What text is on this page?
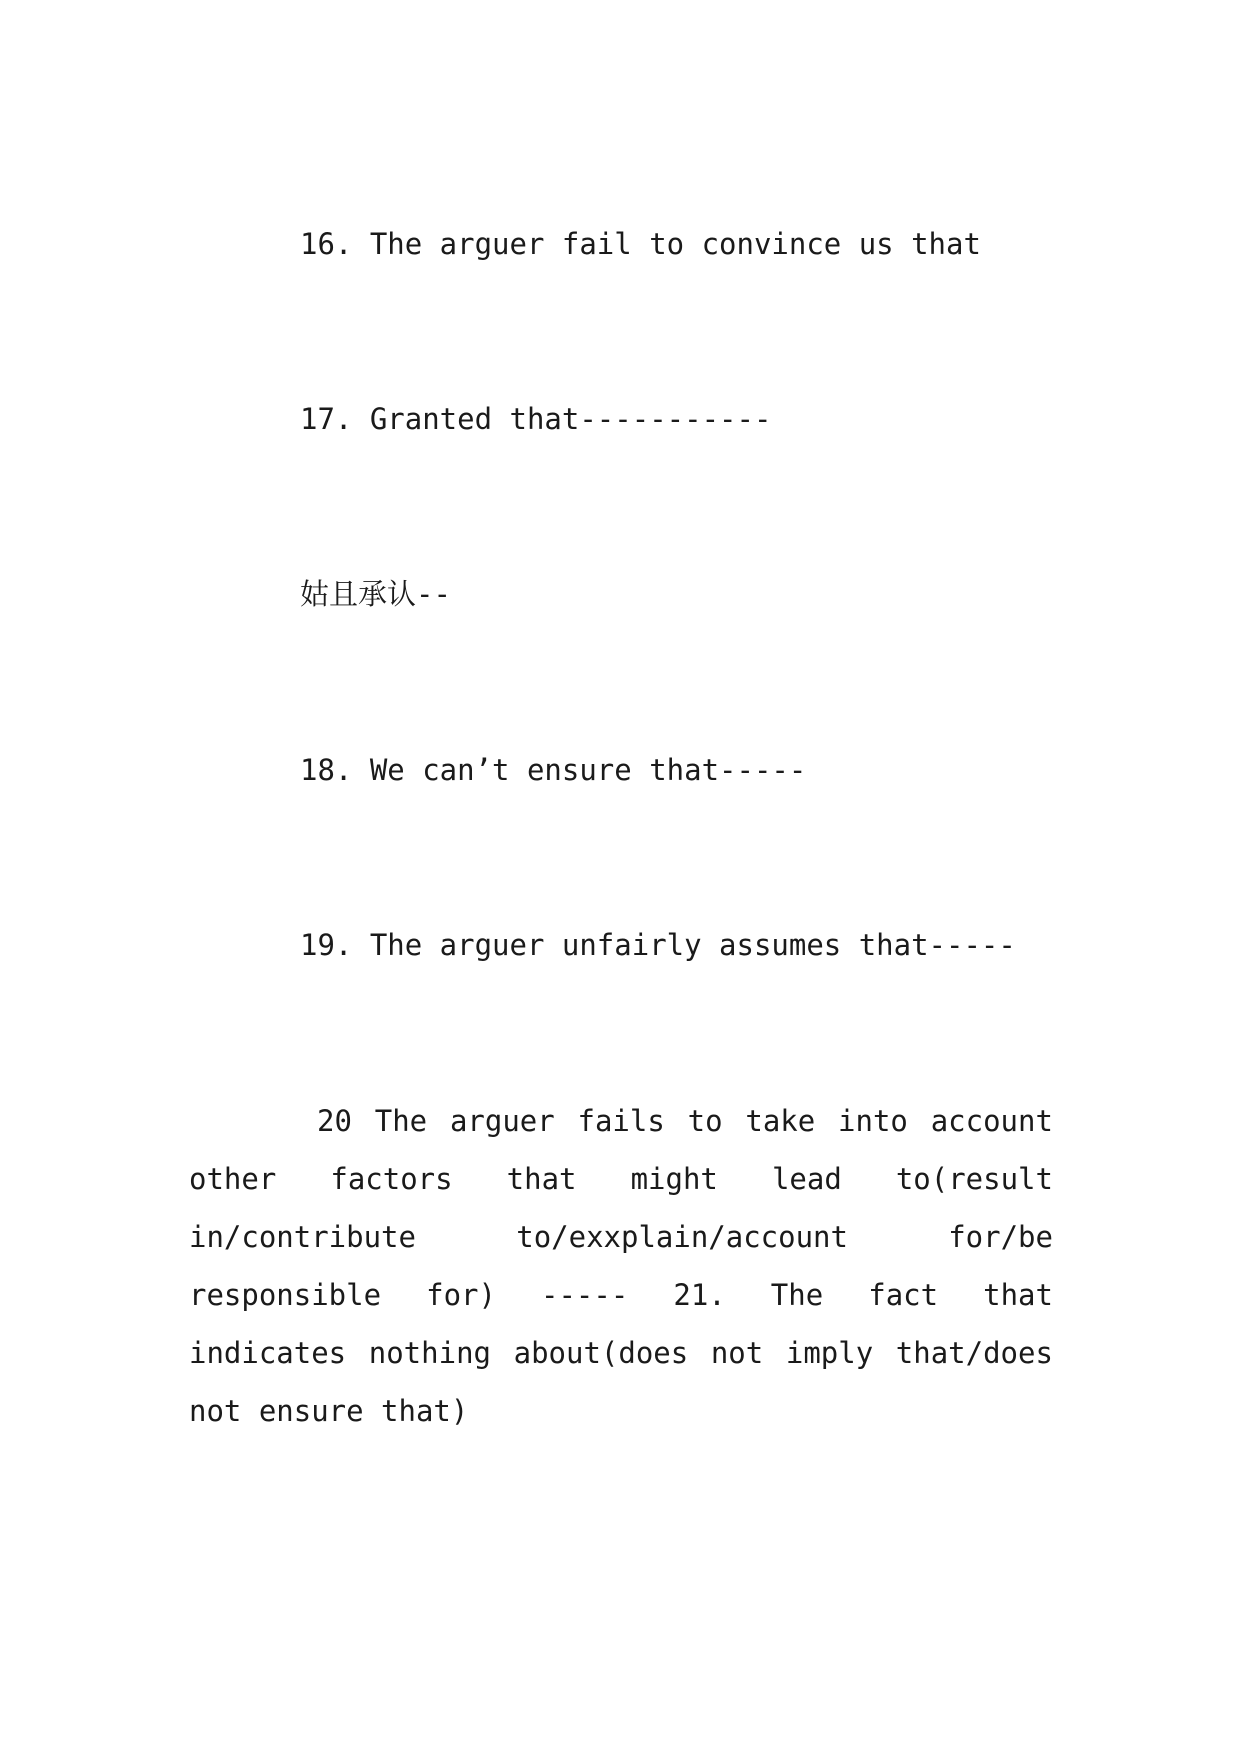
16. The arguer fail to convince us that
17. Granted that-----------
姑且承认--
18. We can’t ensure that-----
19. The arguer unfairly assumes that-----
20 The arguer fails to take into account
other factors that might lead to(result
in/contribute	to/exxplain/account	for/be
responsible for) ----- 21. The fact that
indicates nothing about(does not imply that/does
not ensure that)
